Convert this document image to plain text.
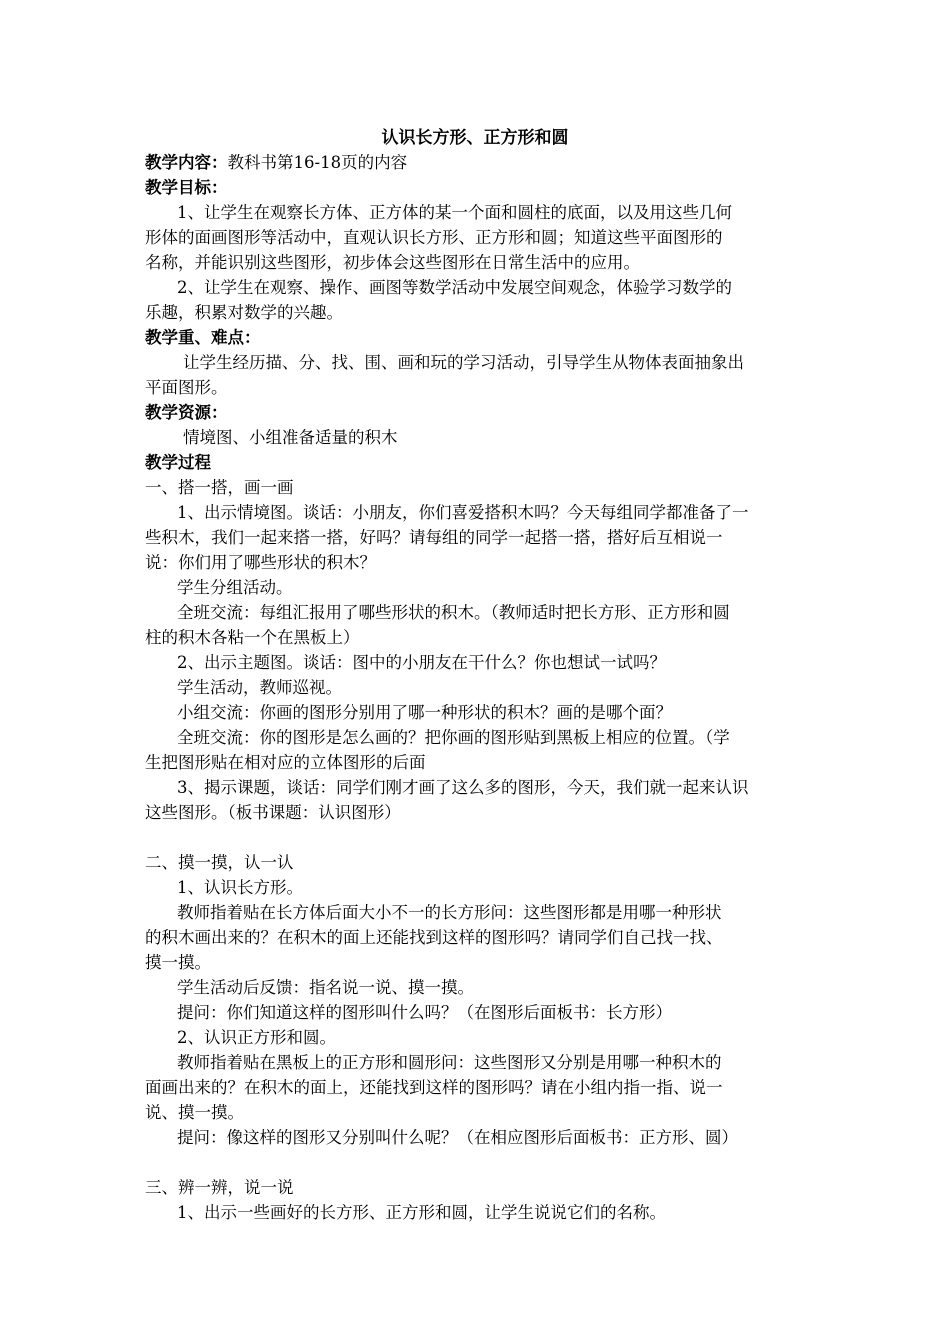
认识长方形、正方形和圆
教学内容：教科书第16-18页的内容
教学目标：
1、让学生在观察长方体、正方体的某一个面和圆柱的底面，以及用这些几何
形体的面画图形等活动中，直观认识长方形、正方形和圆；知道这些平面图形的
名称，并能识别这些图形，初步体会这些图形在日常生活中的应用。
2、让学生在观察、操作、画图等数学活动中发展空间观念，体验学习数学的
乐趣，积累对数学的兴趣。
教学重、难点：
让学生经历描、分、找、围、画和玩的学习活动，引导学生从物体表面抽象出
平面图形。
教学资源：
情境图、小组准备适量的积木
教学过程
一、搭一搭，画一画
1、出示情境图。谈话：小朋友，你们喜爱搭积木吗？今天每组同学都准备了一
些积木，我们一起来搭一搭，好吗？请每组的同学一起搭一搭，搭好后互相说一
说：你们用了哪些形状的积木？
学生分组活动。
全班交流：每组汇报用了哪些形状的积木。（教师适时把长方形、正方形和圆
柱的积木各粘一个在黑板上）
2、出示主题图。谈话：图中的小朋友在干什么？你也想试一试吗？
学生活动，教师巡视。
小组交流：你画的图形分别用了哪一种形状的积木？画的是哪个面？
全班交流：你的图形是怎么画的？把你画的图形贴到黑板上相应的位置。（学
生把图形贴在相对应的立体图形的后面
3、揭示课题，谈话：同学们刚才画了这么多的图形，今天，我们就一起来认识
这些图形。（板书课题：认识图形）
二、摸一摸，认一认
1、认识长方形。
教师指着贴在长方体后面大小不一的长方形问：这些图形都是用哪一种形状
的积木画出来的？在积木的面上还能找到这样的图形吗？请同学们自己找一找、
摸一摸。
学生活动后反馈：指名说一说、摸一摸。
提问：你们知道这样的图形叫什么吗？（在图形后面板书：长方形）
2、认识正方形和圆。
教师指着贴在黑板上的正方形和圆形问：这些图形又分别是用哪一种积木的
面画出来的？在积木的面上，还能找到这样的图形吗？请在小组内指一指、说一
说、摸一摸。
提问：像这样的图形又分别叫什么呢？（在相应图形后面板书：正方形、圆）
三、辨一辨，说一说
1、出示一些画好的长方形、正方形和圆，让学生说说它们的名称。
